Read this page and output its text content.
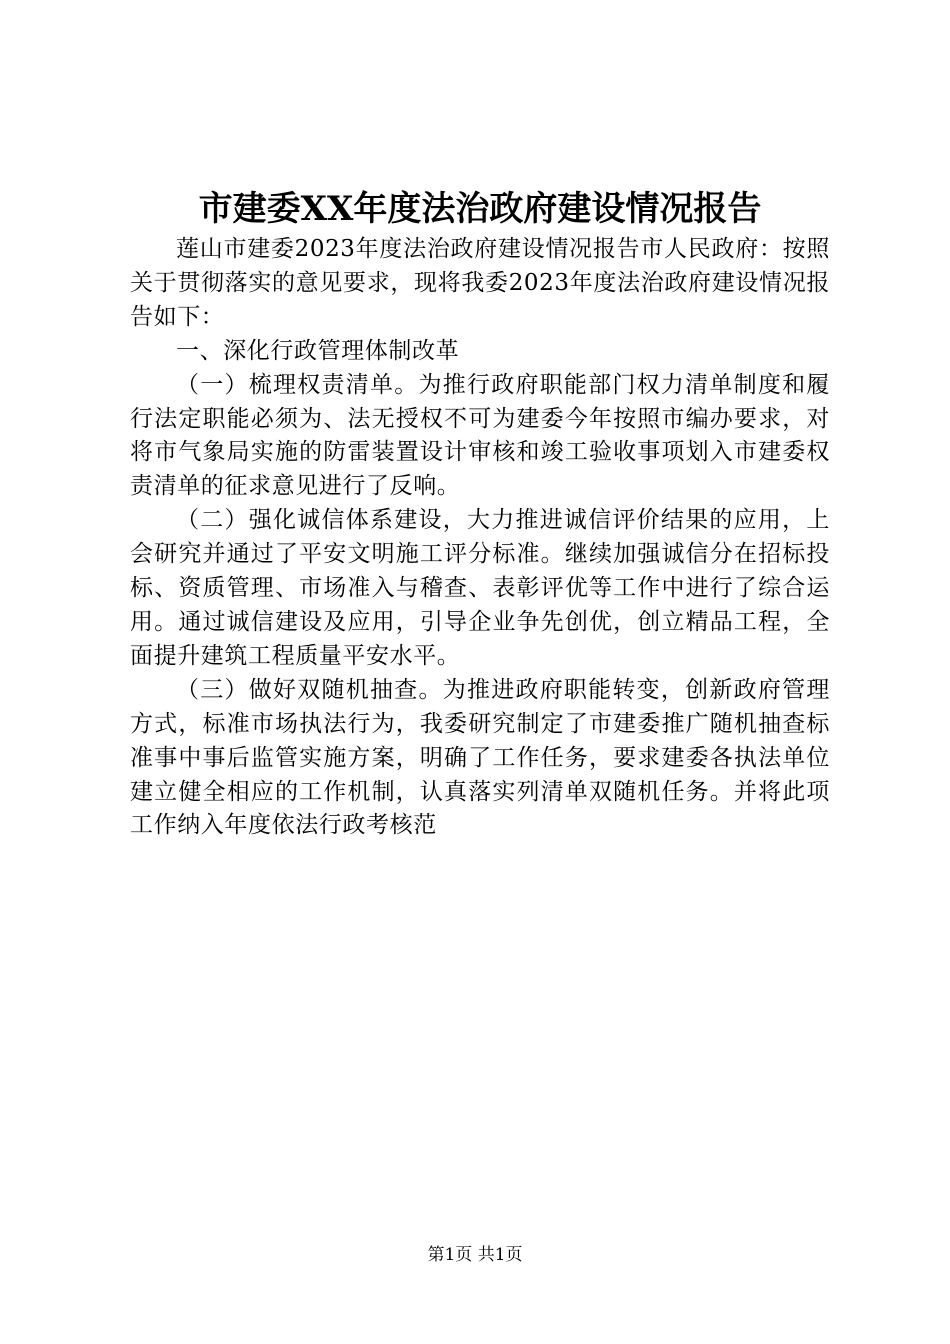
市建委XX年度法治政府建设情况报告

莲山市建委2023年度法治政府建设情况报告市人民政府：按照关于贯彻落实的意见要求，现将我委2023年度法治政府建设情况报告如下：

一、深化行政管理体制改革

（一）梳理权责清单。为推行政府职能部门权力清单制度和履行法定职能必须为、法无授权不可为建委今年按照市编办要求，对将市气象局实施的防雷装置设计审核和竣工验收事项划入市建委权责清单的征求意见进行了反响。

（二）强化诚信体系建设，大力推进诚信评价结果的应用，上会研究并通过了平安文明施工评分标准。继续加强诚信分在招标投标、资质管理、市场准入与稽查、表彰评优等工作中进行了综合运用。通过诚信建设及应用，引导企业争先创优，创立精品工程，全面提升建筑工程质量平安水平。

（三）做好双随机抽查。为推进政府职能转变，创新政府管理方式，标准市场执法行为，我委研究制定了市建委推广随机抽查标准事中事后监管实施方案，明确了工作任务，要求建委各执法单位建立健全相应的工作机制，认真落实列清单双随机任务。并将此项工作纳入年度依法行政考核范

第1页 共1页
